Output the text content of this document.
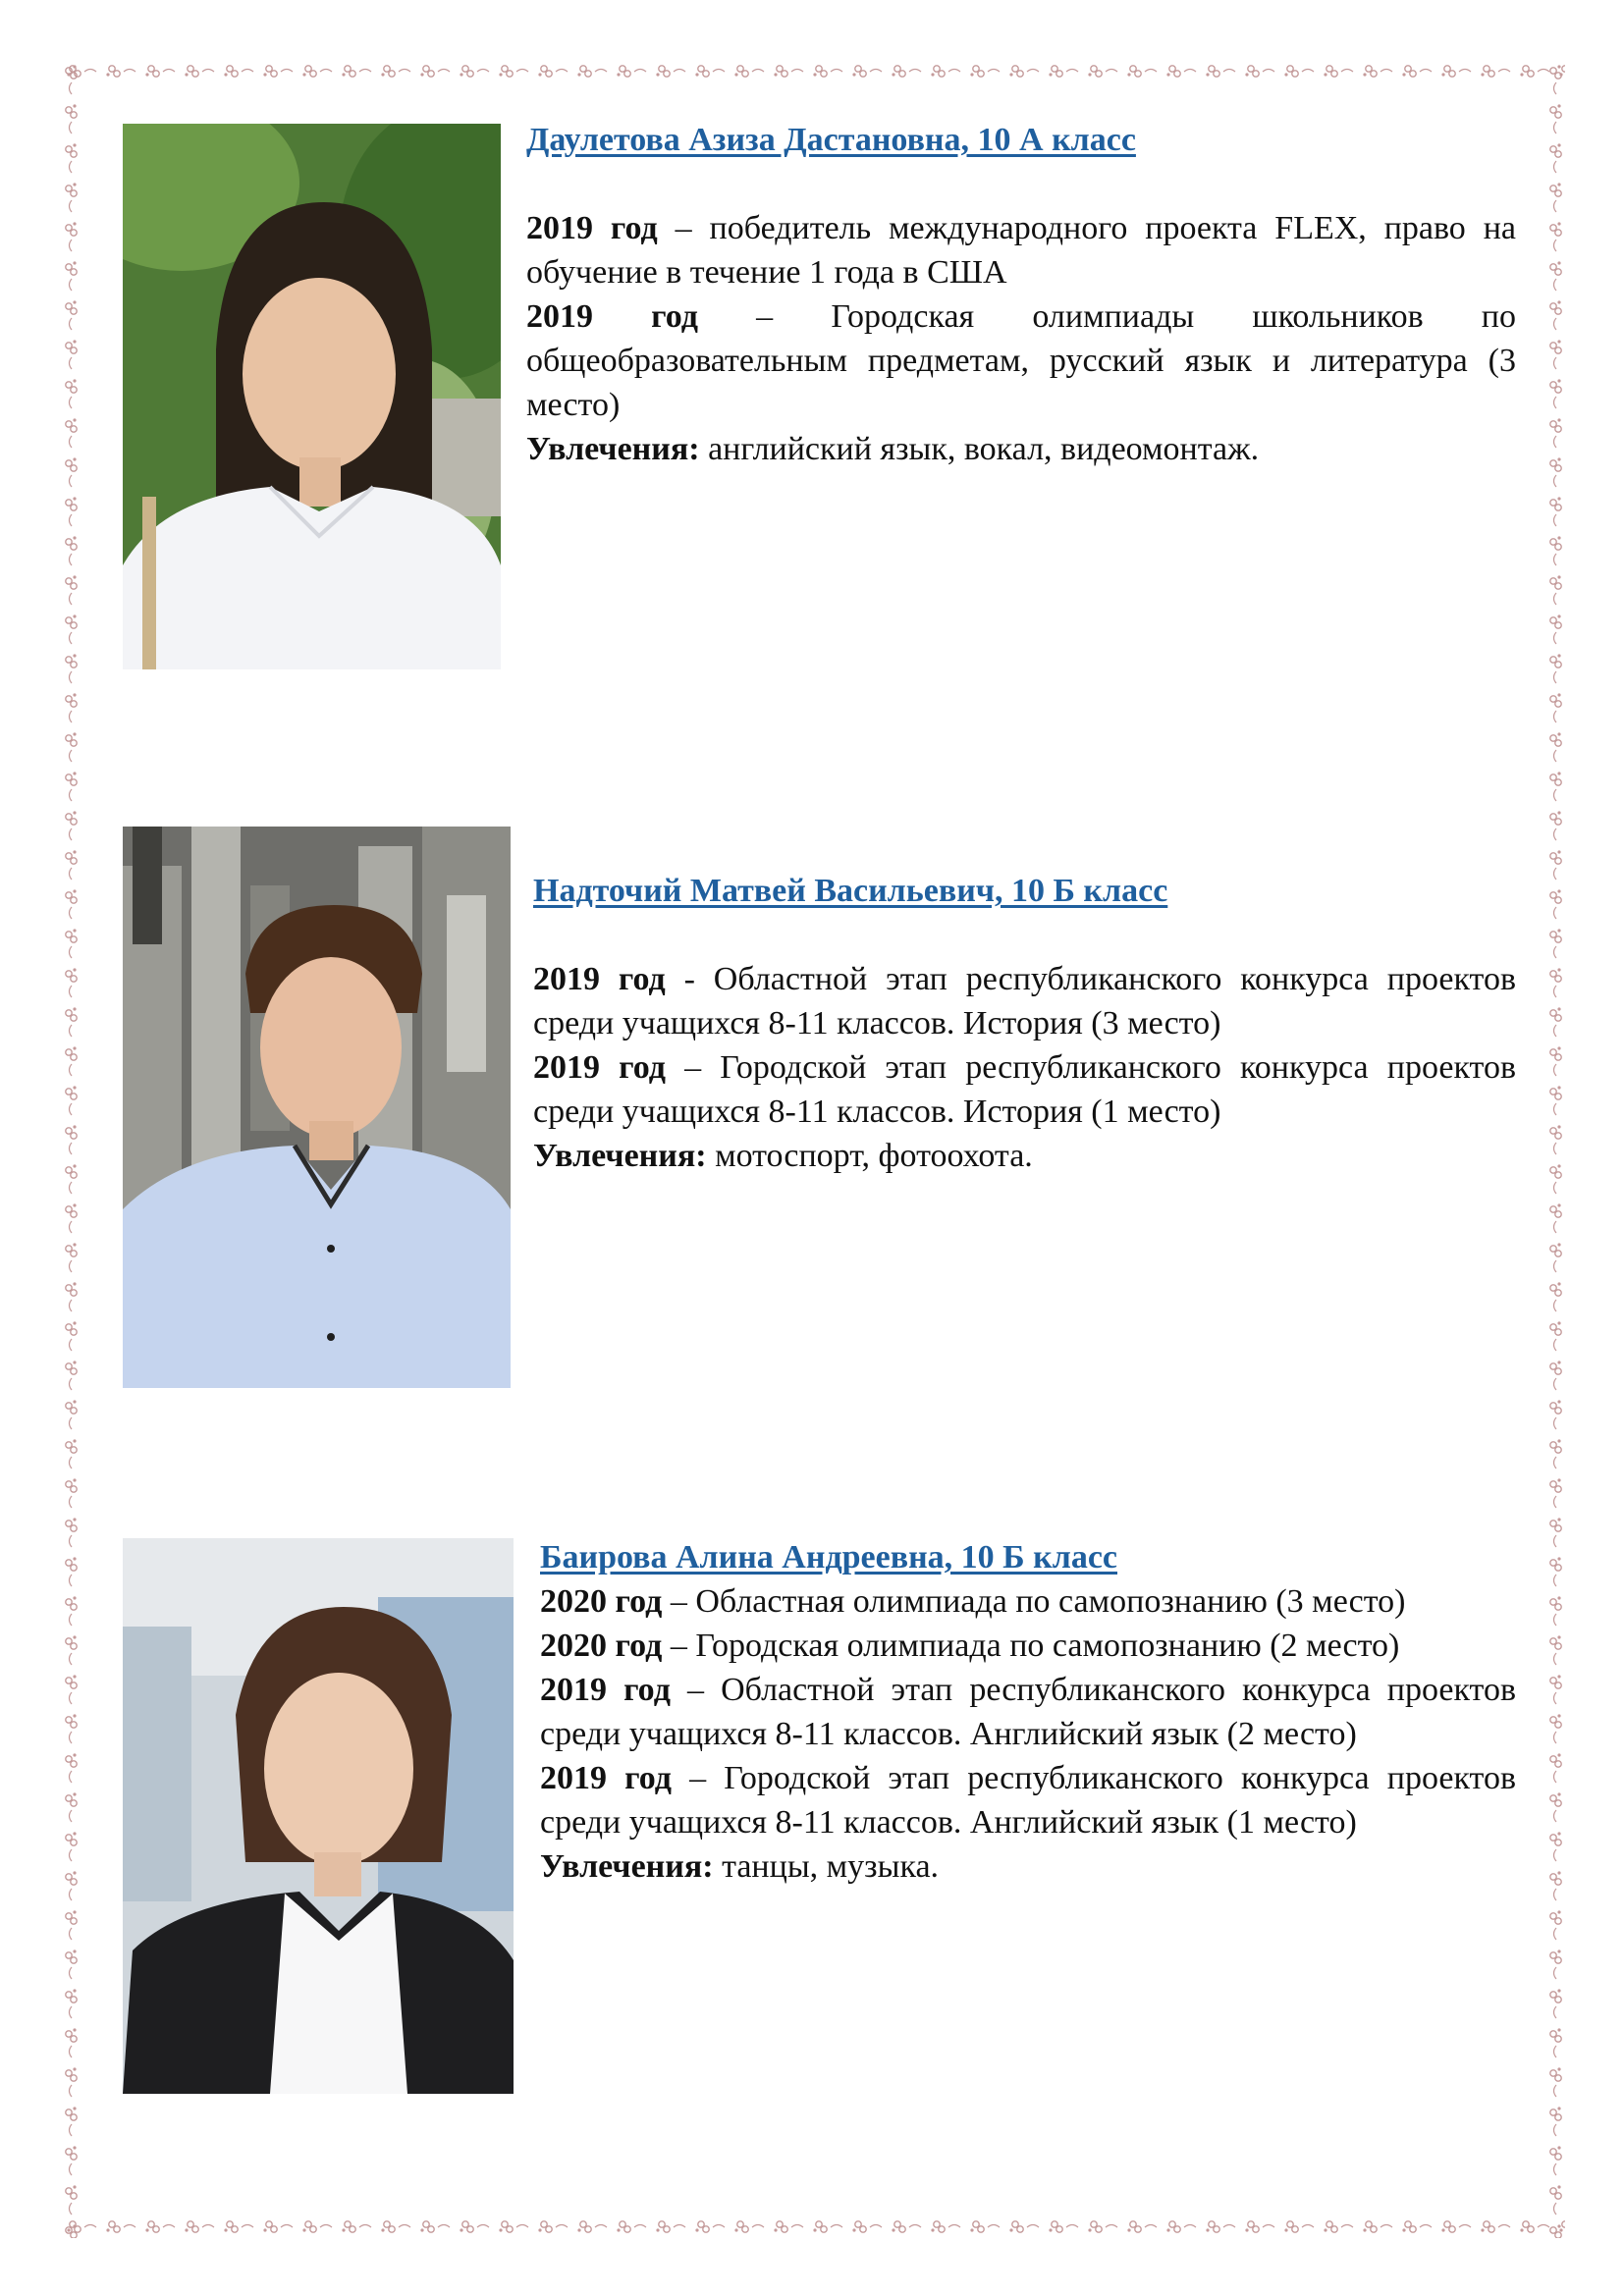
Даулетова Азиза Дастановна, 10 А класс
2019 год – победитель международного проекта FLEX, право на обучение в течение 1 года в США
2019 год – Городская олимпиады школьников по общеобразовательным предметам, русский язык и литература (3 место)
Увлечения: английский язык, вокал, видеомонтаж.
Надточий Матвей Васильевич, 10 Б класс
2019 год - Областной этап республиканского конкурса проектов среди учащихся 8-11 классов. История (3 место)
2019 год – Городской этап республиканского конкурса проектов среди учащихся 8-11 классов. История (1 место)
Увлечения: мотоспорт, фотоохота.
Баирова Алина Андреевна, 10 Б класс
2020 год – Областная олимпиада по самопознанию (3 место)
2020 год – Городская олимпиада по самопознанию (2 место)
2019 год – Областной этап республиканского конкурса проектов среди учащихся 8-11 классов. Английский язык (2 место)
2019 год – Городской этап республиканского конкурса проектов среди учащихся 8-11 классов. Английский язык (1 место)
Увлечения: танцы, музыка.
